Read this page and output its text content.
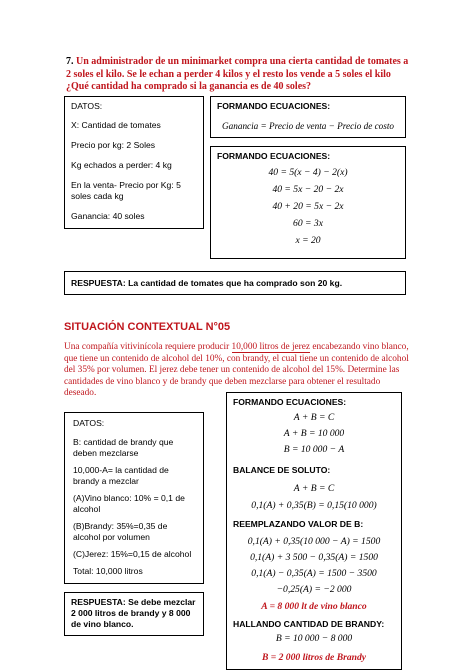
7. Un administrador de un minimarket compra una cierta cantidad de tomates a 2 soles el kilo. Se le echan a perder 4 kilos y el resto los vende a 5 soles el kilo ¿Qué cantidad ha comprado si la ganancia es de 40 soles?
DATOS:
X: Cantidad de tomates
Precio por kg: 2 Soles
Kg echados a perder: 4 kg
En la venta- Precio por Kg: 5 soles cada kg
Ganancia: 40 soles
FORMANDO ECUACIONES:
Ganancia = Precio de venta − Precio de costo
FORMANDO ECUACIONES:
40 = 5(x − 4) − 2(x)
40 = 5x − 20 − 2x
40 + 20 = 5x − 2x
60 = 3x
x = 20
RESPUESTA: La cantidad de tomates que ha comprado son 20 kg.
SITUACIÓN CONTEXTUAL N°05
Una compañía vitivinícola requiere producir 10,000 litros de jerez encabezando vino blanco, que tiene un contenido de alcohol del 10%, con brandy, el cual tiene un contenido de alcohol del 35% por volumen. El jerez debe tener un contenido de alcohol del 15%. Determine las cantidades de vino blanco y de brandy que deben mezclarse para obtener el resultado deseado.
DATOS:
B: cantidad de brandy que deben mezclarse
10,000-A= la cantidad de brandy a mezclar
(A)Vino blanco: 10% = 0,1 de alcohol
(B)Brandy: 35%=0,35 de alcohol por volumen
(C)Jerez: 15%=0,15 de alcohol
Total: 10,000 litros
RESPUESTA: Se debe mezclar 2 000 litros de brandy y 8 000 de vino blanco.
FORMANDO ECUACIONES:
A + B = C
A + B = 10 000
B = 10 000 − A
BALANCE DE SOLUTO:
A + B = C
0,1(A) + 0,35(B) = 0,15(10 000)
REEMPLAZANDO VALOR DE B:
0,1(A) + 0,35(10 000 − A) = 1500
0,1(A) + 3 500 − 0,35(A) = 1500
0,1(A) − 0,35(A) = 1500 − 3500
−0,25(A) = −2 000
A = 8 000 lt de vino blanco
HALLANDO CANTIDAD DE BRANDY:
B = 10 000 − 8 000
B = 2 000 litros de Brandy
